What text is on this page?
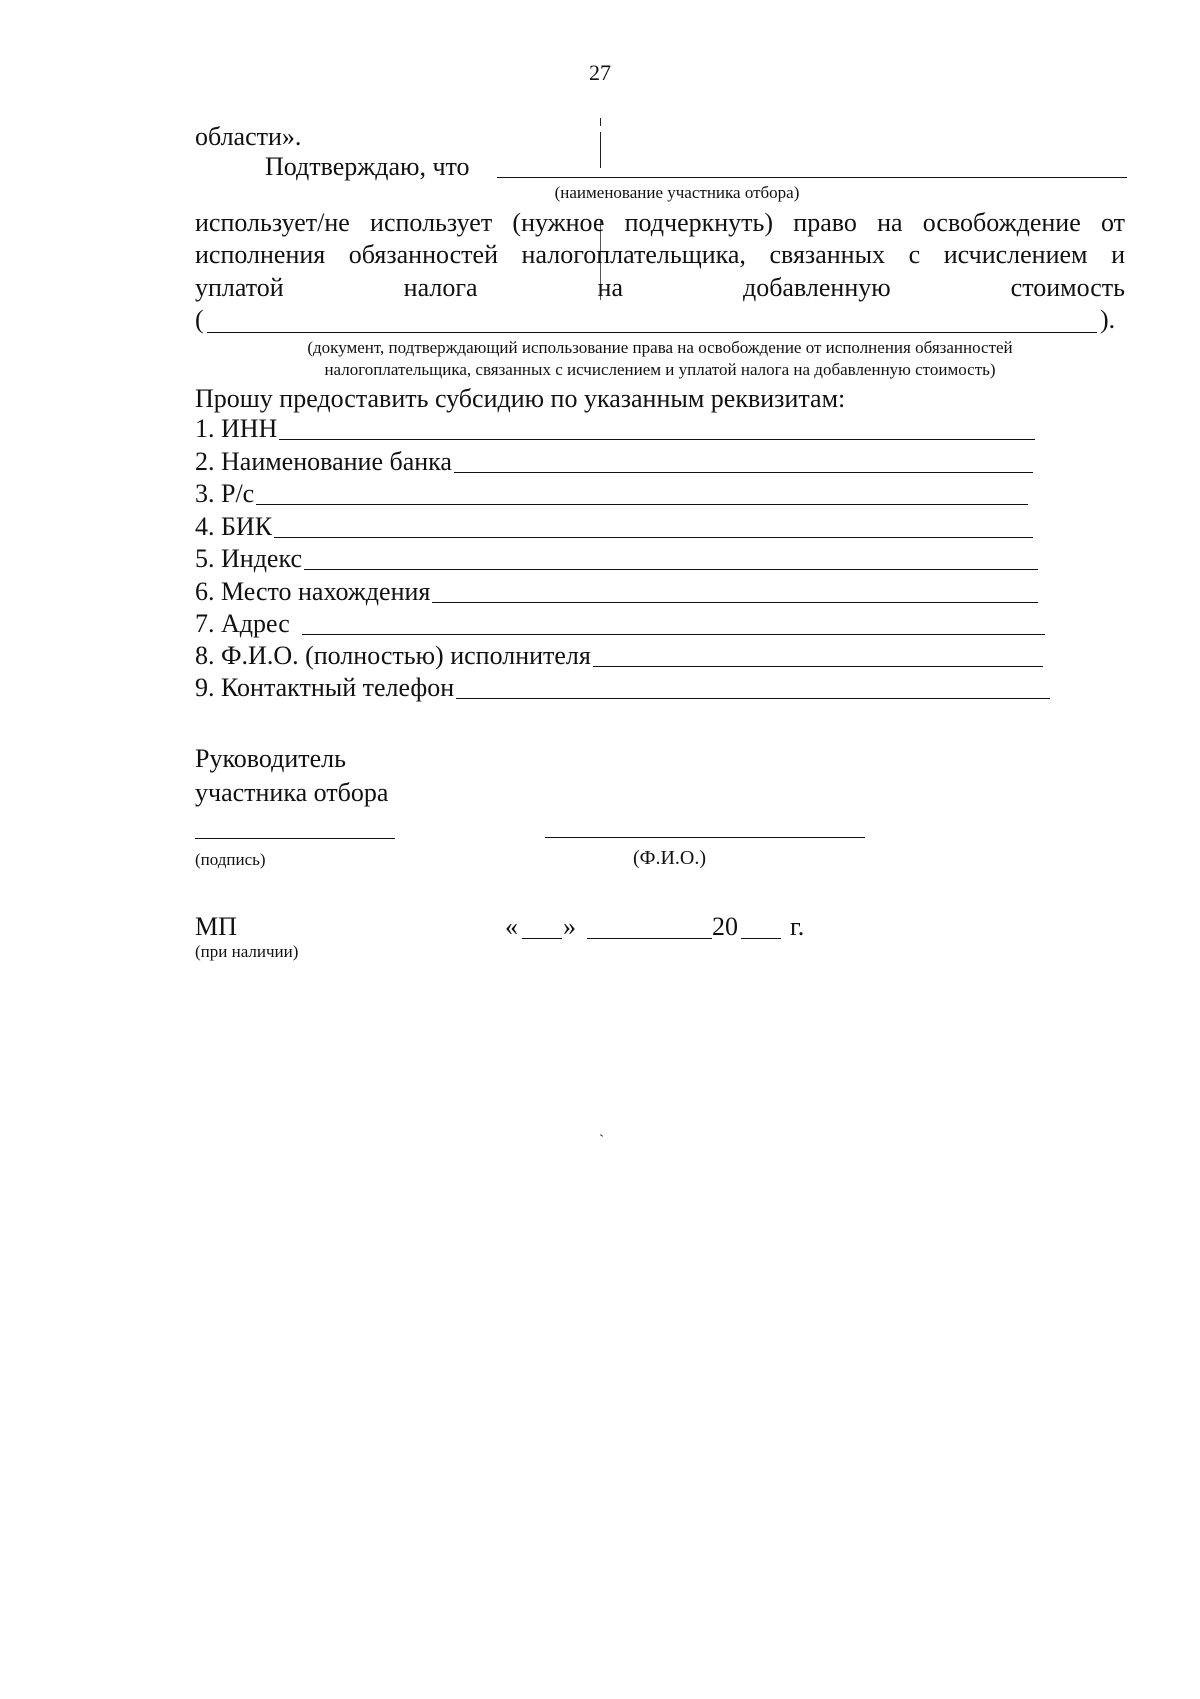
27
области».
Подтверждаю, что
(наименование участника отбора)
использует/не использует (нужное подчеркнуть) право на освобождение от
исполнения обязанностей налогоплательщика, связанных с исчислением и
уплатой налога на добавленную стоимость
(	).
(документ, подтверждающий использование права на освобождение от исполнения обязанностей
налогоплательщика, связанных с исчислением и уплатой налога на добавленную стоимость)
Прошу предоставить субсидию по указанным реквизитам:
1. ИНН
2. Наименование банка
3. Р/с
4. БИК
5. Индекс
6. Место нахождения
7. Адрес
8. Ф.И.О. (полностью) исполнителя
9. Контактный телефон
Руководитель
участника отбора
(подпись)	(Ф.И.О.)
МП
(при наличии)
« »	20 г.
